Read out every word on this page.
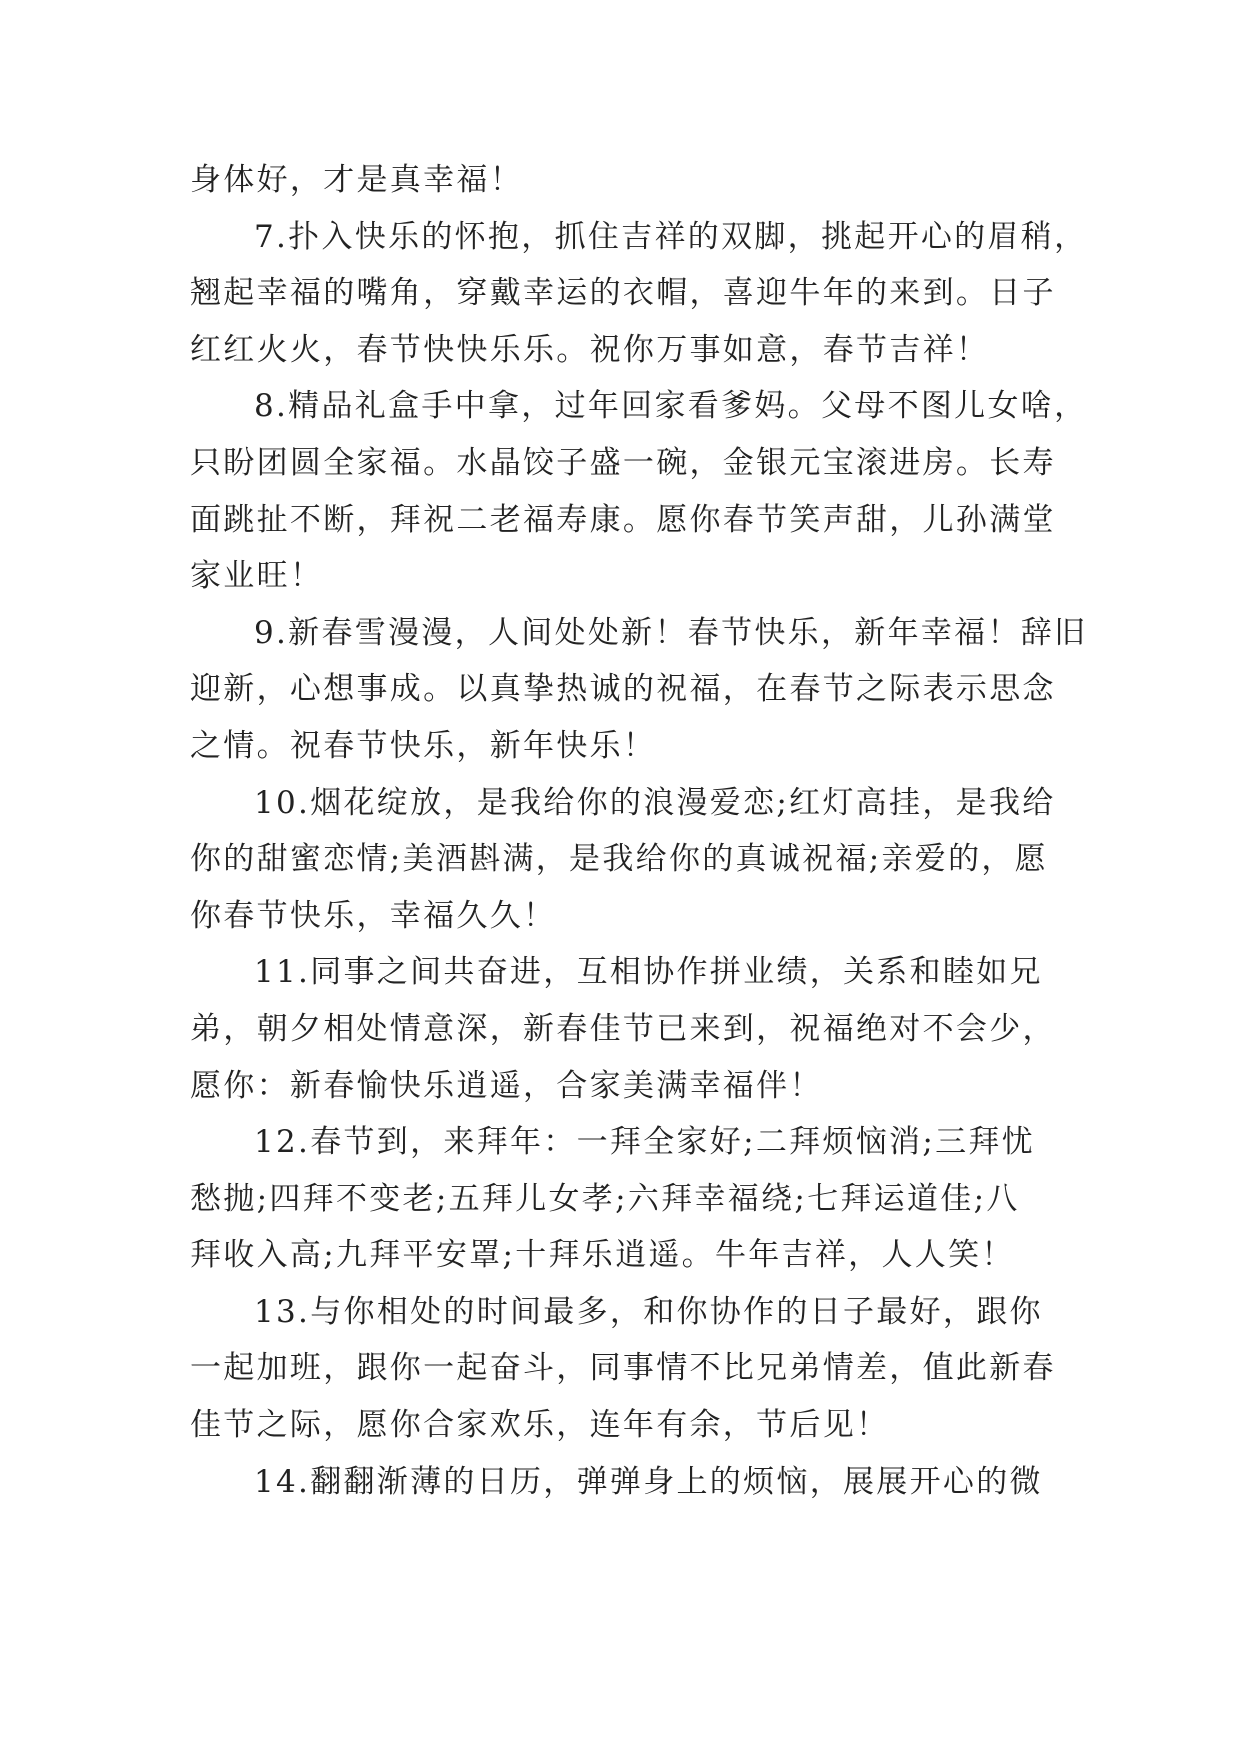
身体好，才是真幸福！
7.扑入快乐的怀抱，抓住吉祥的双脚，挑起开心的眉稍，
翘起幸福的嘴角，穿戴幸运的衣帽，喜迎牛年的来到。日子
红红火火，春节快快乐乐。祝你万事如意，春节吉祥！
8.精品礼盒手中拿，过年回家看爹妈。父母不图儿女啥，
只盼团圆全家福。水晶饺子盛一碗，金银元宝滚进房。长寿
面跳扯不断，拜祝二老福寿康。愿你春节笑声甜，儿孙满堂
家业旺！
9.新春雪漫漫，人间处处新！春节快乐，新年幸福！辞旧
迎新，心想事成。以真挚热诚的祝福，在春节之际表示思念
之情。祝春节快乐，新年快乐！
10.烟花绽放，是我给你的浪漫爱恋;红灯高挂，是我给
你的甜蜜恋情;美酒斟满，是我给你的真诚祝福;亲爱的，愿
你春节快乐，幸福久久！
11.同事之间共奋进，互相协作拼业绩，关系和睦如兄
弟，朝夕相处情意深，新春佳节已来到，祝福绝对不会少，
愿你：新春愉快乐逍遥，合家美满幸福伴！
12.春节到，来拜年：一拜全家好;二拜烦恼消;三拜忧
愁抛;四拜不变老;五拜儿女孝;六拜幸福绕;七拜运道佳;八
拜收入高;九拜平安罩;十拜乐逍遥。牛年吉祥，人人笑！
13.与你相处的时间最多，和你协作的日子最好，跟你
一起加班，跟你一起奋斗，同事情不比兄弟情差，值此新春
佳节之际，愿你合家欢乐，连年有余，节后见！
14.翻翻渐薄的日历，弹弹身上的烦恼，展展开心的微
